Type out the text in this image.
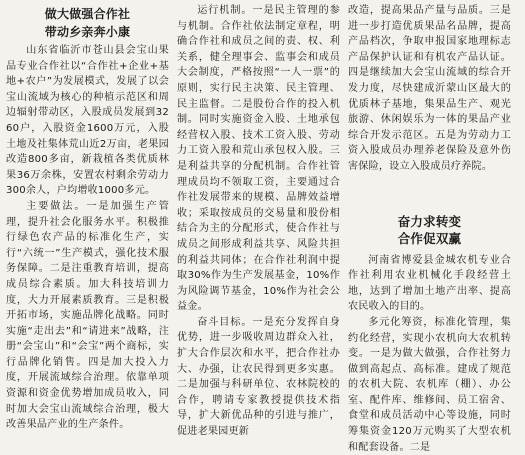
做大做强合作社
带动乡亲奔小康

山东省临沂市苍山县会宝山果品专业合作社以“合作社+企业+基地+农户”为发展模式，发展了以会宝山流域为核心的种植示范区和周边辐射带动区，入股成员发展到3260户，入股资金1600万元，入股土地及社集体荒山近2万亩，老果园改造800多亩，新栽植各类优质林果36万余株，安置农村剩余劳动力300余人，户均增收1000多元。

主要做法。一是加强生产管理，提升社会化服务水平。积极推行绿色农产品的标准化生产，实行“六统一”生产模式，强化技术服务保障。二是注重教育培训，提高成员综合素质。加大科技培训力度，大力开展素质教育。三是积极开拓市场，实施品牌化战略。同时实施“走出去”和“请进来”战略，注册“会宝山”和“会宝”两个商标，实行品牌化销售。四是加大投入力度，开展流域综合治理。依靠单项资源和资金优势增加成员收入，同时加大会宝山流域综合治理，极大改善果品产业的生产条件。

运行机制。一是民主管理的参与机制。合作社依法制定章程，明确合作社和成员之间的责、权、利关系，健全理事会、监事会和成员大会制度，严格按照“一人一票”的原则，实行民主决策、民主管理、民主监督。二是股份合作的投入机制。同时实施资金入股、土地承包经营权入股、技术工资入股、劳动力工资入股和荒山承包权入股。三是利益共享的分配机制。合作社管理成员均不领取工资，主要通过合作社发展带来的规模、品牌效益增收；采取按成员的交易量和股份相结合为主的分配形式，使合作社与成员之间形成利益共享、风险共担的利益共同体；在合作社利润中提取30%作为生产发展基金，10%作为风险调节基金，10%作为社会公益金。

奋斗目标。一是充分发挥自身优势，进一步吸收周边群众入社，扩大合作层次和水平，把合作社办大、办强，让农民得到更多实惠。二是加强与科研单位、农林院校的合作，聘请专家教授提供技术指导，扩大新优品种的引进与推广，促进老果园更新

改造，提高果品产量与品质。三是进一步打造优质果品名品牌，提高产品档次，争取申报国家地理标志产品保护认证和有机农产品认证。四是继续加大会宝山流域的综合开发力度，尽快建成沂蒙山区最大的优质林子基地，集果品生产、观光旅游、休闲娱乐为一体的果品产业综合开发示范区。五是为劳动力工资入股成员办理养老保险及意外伤害保险，设立入股成员疗养院。

奋力求转变
合作促双赢

河南省博爱县金城农机专业合作社利用农业机械化手段经营土地，达到了增加土地产出率、提高农民收入的目的。

多元化筹资，标准化管理，集约化经营，实现小农机向大农机转变。一是为做大做强，合作社努力做到高起点、高标准。建成了规范的农机大院、农机库（棚）、办公室、配件库、维修间、员工宿舍、食堂和成员活动中心等设施，同时筹集资金120万元购买了大型农机和配套设备。二是
